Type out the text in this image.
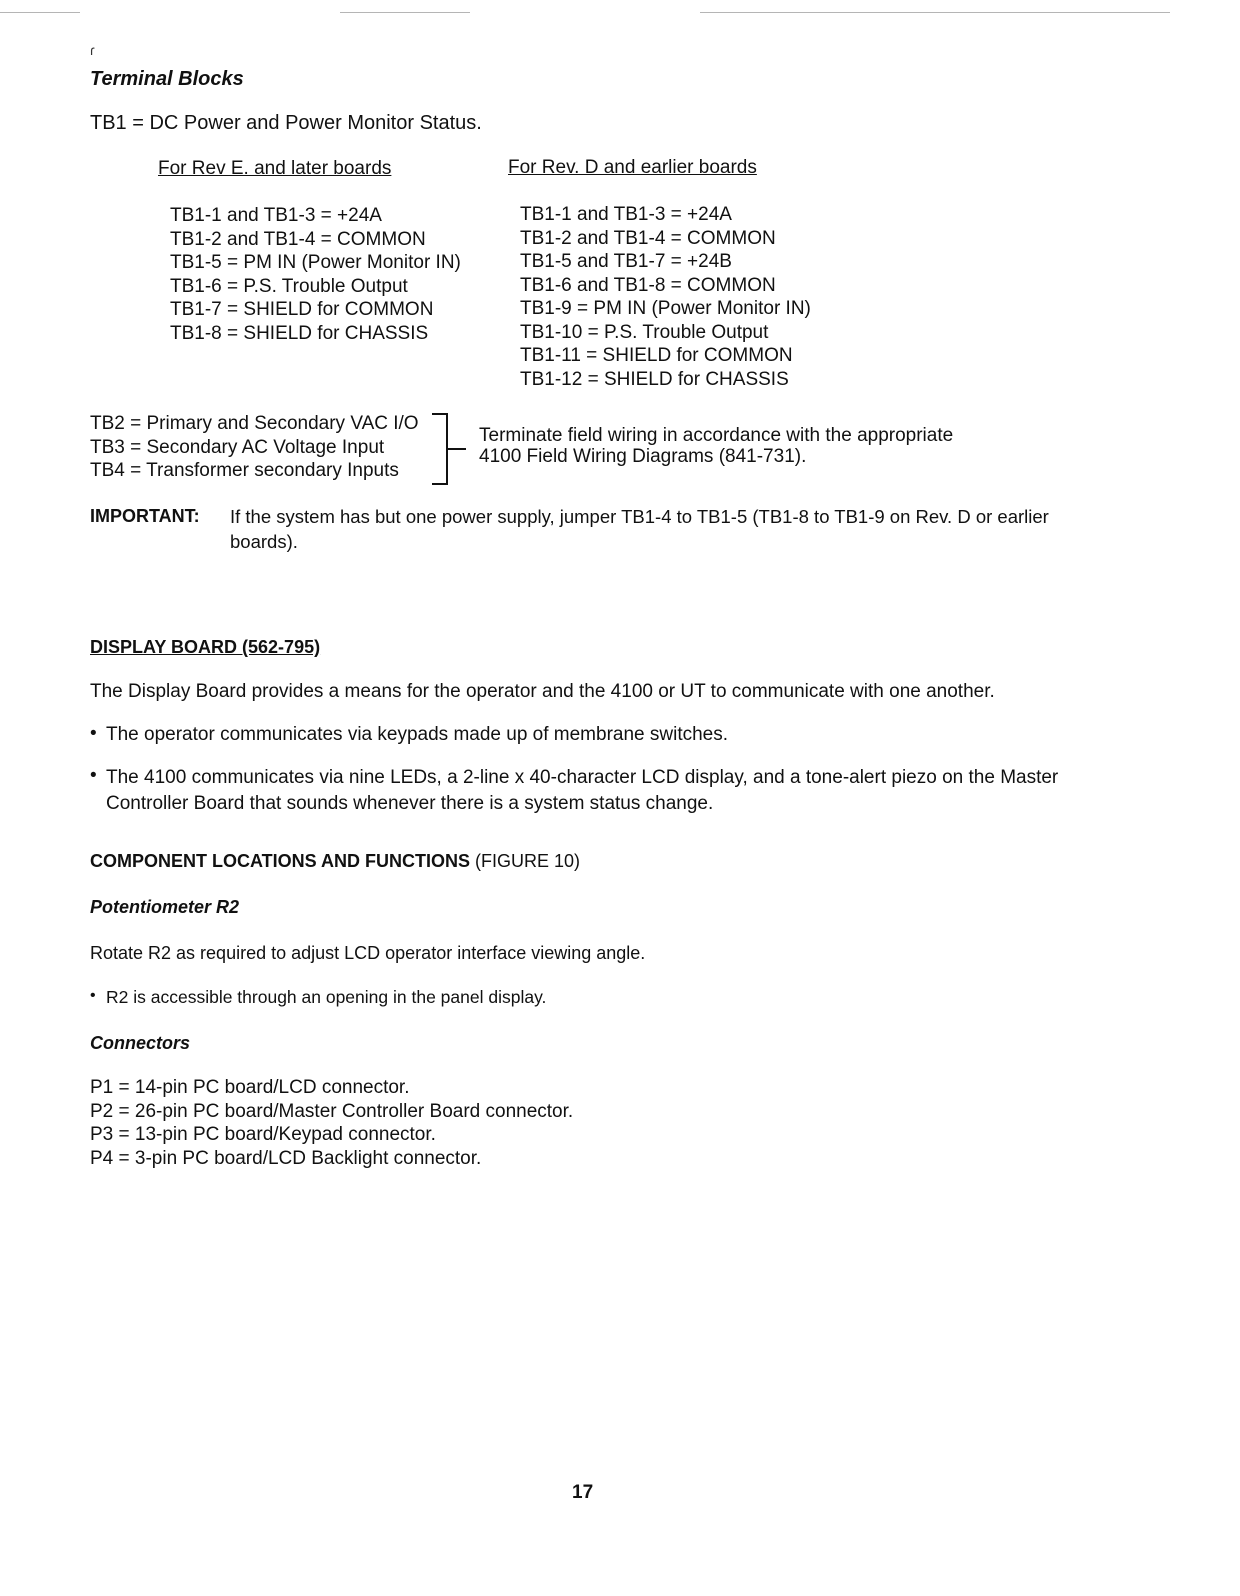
ɾ
Terminal Blocks
TB1 = DC Power and Power Monitor Status.
For Rev E. and later boards	For Rev. D and earlier boards
TB1-1 and TB1-3 = +24A
TB1-2 and TB1-4 = COMMON
TB1-5 = PM IN (Power Monitor IN)
TB1-6 = P.S. Trouble Output
TB1-7 = SHIELD for COMMON
TB1-8 = SHIELD for CHASSIS
TB1-1 and TB1-3 = +24A
TB1-2 and TB1-4 = COMMON
TB1-5 and TB1-7 = +24B
TB1-6 and TB1-8 = COMMON
TB1-9 = PM IN (Power Monitor IN)
TB1-10 = P.S. Trouble Output
TB1-11 = SHIELD for COMMON
TB1-12 = SHIELD for CHASSIS
TB2 = Primary and Secondary VAC I/O
TB3 = Secondary AC Voltage Input
TB4 = Transformer secondary Inputs
Terminate field wiring in accordance with the appropriate
4100 Field Wiring Diagrams (841-731).
IMPORTANT: If the system has but one power supply, jumper TB1-4 to TB1-5 (TB1-8 to TB1-9 on Rev. D or earlier
boards).
DISPLAY BOARD (562-795)
The Display Board provides a means for the operator and the 4100 or UT to communicate with one another.
• The operator communicates via keypads made up of membrane switches.
• The 4100 communicates via nine LEDs, a 2-line x 40-character LCD display, and a tone-alert piezo on the Master
Controller Board that sounds whenever there is a system status change.
COMPONENT LOCATIONS AND FUNCTIONS (FIGURE 10)
Potentiometer R2
Rotate R2 as required to adjust LCD operator interface viewing angle.
• R2 is accessible through an opening in the panel display.
Connectors
P1 = 14-pin PC board/LCD connector.
P2 = 26-pin PC board/Master Controller Board connector.
P3 = 13-pin PC board/Keypad connector.
P4 = 3-pin PC board/LCD Backlight connector.
17
